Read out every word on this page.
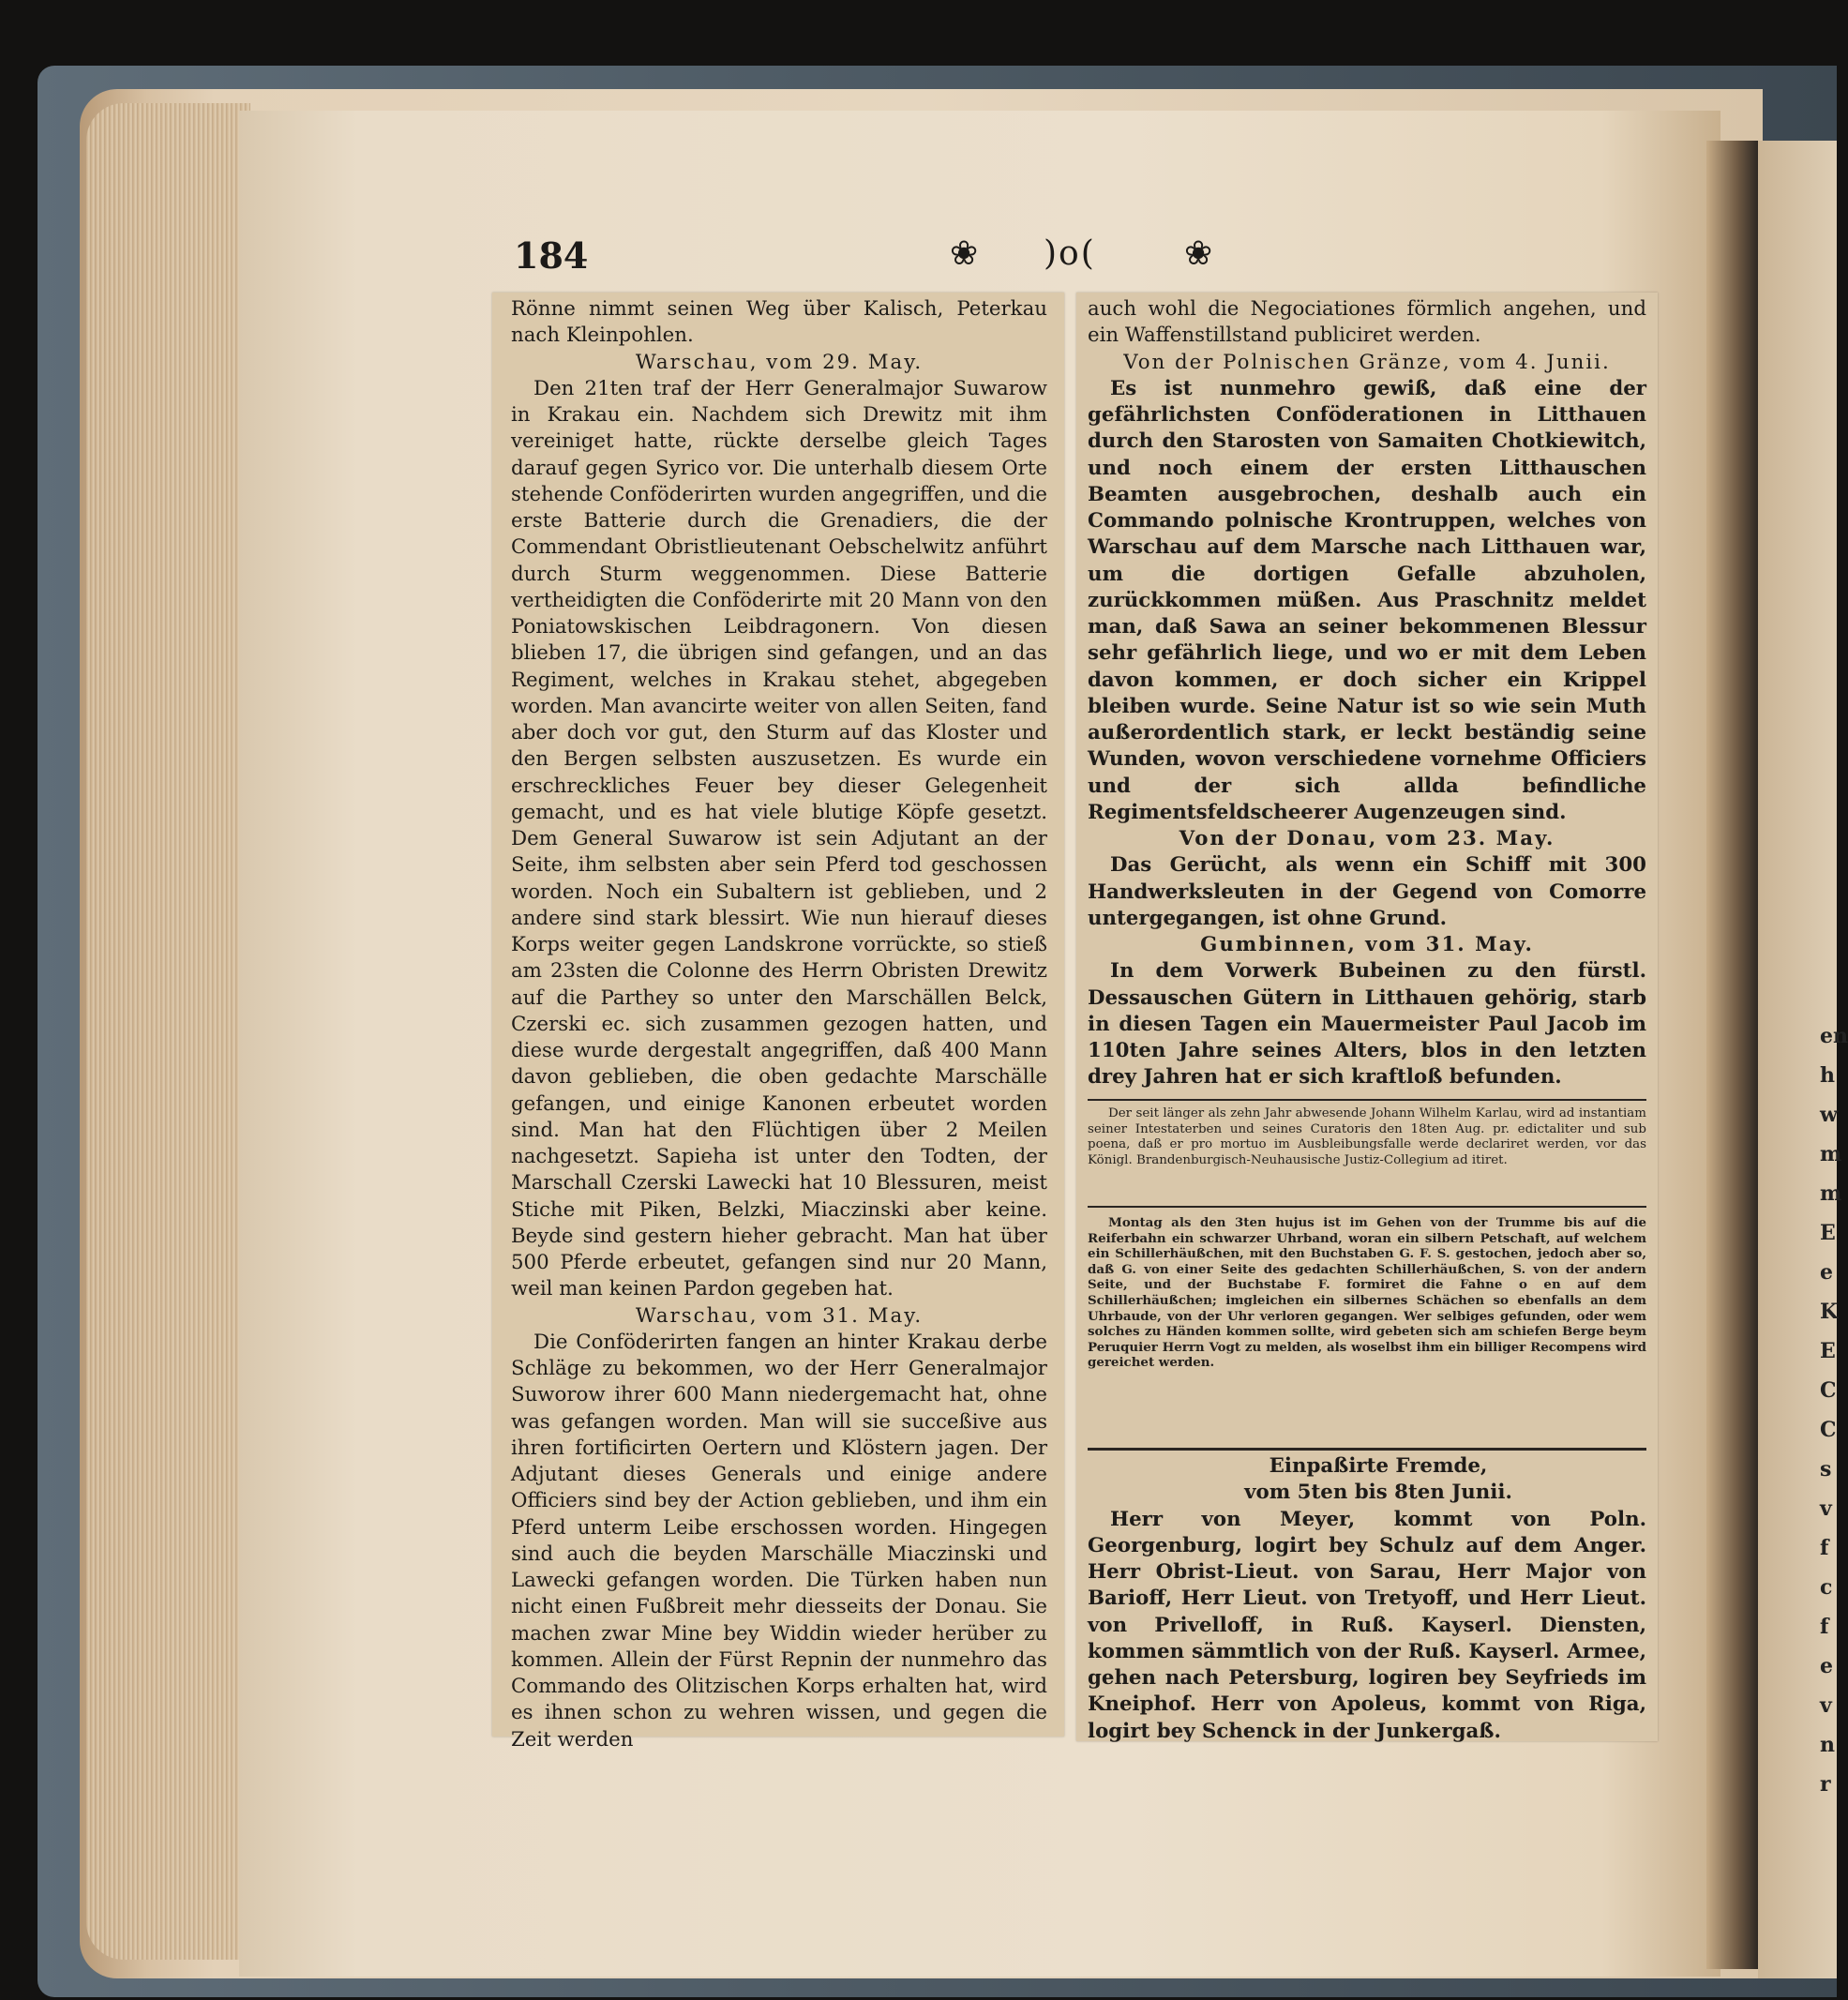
en
h
w
m
m
E
e
K
E
C
C
s
v
f
c
f
e
v
n
r
184	❀ )o(	❀

Rönne nimmt seinen Weg über Kalisch, Peterkau nach Kleinpohlen.

Warschau, vom 29. May.

Den 21ten traf der Herr Generalmajor Suwarow in Krakau ein. Nachdem sich Drewitz mit ihm vereiniget hatte, rückte derselbe gleich Tages darauf gegen Syrico vor. Die unterhalb diesem Orte stehende Conföderirten wurden angegriffen, und die erste Batterie durch die Grenadiers, die der Commendant Obristlieutenant Oebschelwitz anführt durch Sturm weggenommen. Diese Batterie vertheidigten die Conföderirte mit 20 Mann von den Poniatowskischen Leibdragonern. Von diesen blieben 17, die übrigen sind gefangen, und an das Regiment, welches in Krakau stehet, abgegeben worden. Man avancirte weiter von allen Seiten, fand aber doch vor gut, den Sturm auf das Kloster und den Bergen selbsten auszusetzen. Es wurde ein erschreckliches Feuer bey dieser Gelegenheit gemacht, und es hat viele blutige Köpfe gesetzt. Dem General Suwarow ist sein Adjutant an der Seite, ihm selbsten aber sein Pferd tod geschossen worden. Noch ein Subaltern ist geblieben, und 2 andere sind stark blessirt. Wie nun hierauf dieses Korps weiter gegen Landskrone vorrückte, so stieß am 23sten die Colonne des Herrn Obristen Drewitz auf die Parthey so unter den Marschällen Belck, Czerski ec. sich zusammen gezogen hatten, und diese wurde dergestalt angegriffen, daß 400 Mann davon geblieben, die oben gedachte Marschälle gefangen, und einige Kanonen erbeutet worden sind. Man hat den Flüchtigen über 2 Meilen nachgesetzt. Sapieha ist unter den Todten, der Marschall Czerski Lawecki hat 10 Blessuren, meist Stiche mit Piken, Belzki, Miaczinski aber keine. Beyde sind gestern hieher gebracht. Man hat über 500 Pferde erbeutet, gefangen sind nur 20 Mann, weil man keinen Pardon gegeben hat.

Warschau, vom 31. May.

Die Conföderirten fangen an hinter Krakau derbe Schläge zu bekommen, wo der Herr Generalmajor Suworow ihrer 600 Mann niedergemacht hat, ohne was gefangen worden. Man will sie succeßive aus ihren fortificirten Oertern und Klöstern jagen. Der Adjutant dieses Generals und einige andere Officiers sind bey der Action geblieben, und ihm ein Pferd unterm Leibe erschossen worden. Hingegen sind auch die beyden Marschälle Miaczinski und Lawecki gefangen worden. Die Türken haben nun nicht einen Fußbreit mehr diesseits der Donau. Sie machen zwar Mine bey Widdin wieder herüber zu kommen. Allein der Fürst Repnin der nunmehro das Commando des Olitzischen Korps erhalten hat, wird es ihnen schon zu wehren wissen, und gegen die Zeit werden

auch wohl die Negociationes förmlich angehen, und ein Waffenstillstand publiciret werden.

Von der Polnischen Gränze, vom 4. Junii.

Es ist nunmehro gewiß, daß eine der gefährlichsten Conföderationen in Litthauen durch den Starosten von Samaiten Chotkiewitch, und noch einem der ersten Litthauschen Beamten ausgebrochen, deshalb auch ein Commando polnische Krontruppen, welches von Warschau auf dem Marsche nach Litthauen war, um die dortigen Gefalle abzuholen, zurückkommen müßen. Aus Praschnitz meldet man, daß Sawa an seiner bekommenen Blessur sehr gefährlich liege, und wo er mit dem Leben davon kommen, er doch sicher ein Krippel bleiben wurde. Seine Natur ist so wie sein Muth außerordentlich stark, er leckt beständig seine Wunden, wovon verschiedene vornehme Officiers und der sich allda befindliche Regimentsfeldscheerer Augenzeugen sind.

Von der Donau, vom 23. May.

Das Gerücht, als wenn ein Schiff mit 300 Handwerksleuten in der Gegend von Comorre untergegangen, ist ohne Grund.

Gumbinnen, vom 31. May.

In dem Vorwerk Bubeinen zu den fürstl. Dessauschen Gütern in Litthauen gehörig, starb in diesen Tagen ein Mauermeister Paul Jacob im 110ten Jahre seines Alters, blos in den letzten drey Jahren hat er sich kraftloß befunden.

Der seit länger als zehn Jahr abwesende Johann Wilhelm Karlau, wird ad instantiam seiner Intestaterben und seines Curatoris den 18ten Aug. pr. edictaliter und sub poena, daß er pro mortuo im Ausbleibungsfalle werde declariret werden, vor das Königl. Brandenburgisch-Neuhausische Justiz-Collegium ad itiret.

Montag als den 3ten hujus ist im Gehen von der Trumme bis auf die Reiferbahn ein schwarzer Uhrband, woran ein silbern Petschaft, auf welchem ein Schillerhäußchen, mit den Buchstaben G. F. S. gestochen, jedoch aber so, daß G. von einer Seite des gedachten Schillerhäußchen, S. von der andern Seite, und der Buchstabe F. formiret die Fahne o en auf dem Schillerhäußchen; imgleichen ein silbernes Schächen so ebenfalls an dem Uhrbaude, von der Uhr verloren gegangen. Wer selbiges gefunden, oder wem solches zu Händen kommen sollte, wird gebeten sich am schiefen Berge beym Peruquier Herrn Vogt zu melden, als woselbst ihm ein billiger Recompens wird gereichet werden.

Einpaßirte Fremde,

vom 5ten bis 8ten Junii.

Herr von Meyer, kommt von Poln. Georgenburg, logirt bey Schulz auf dem Anger. Herr Obrist-Lieut. von Sarau, Herr Major von Barioff, Herr Lieut. von Tretyoff, und Herr Lieut. von Privelloff, in Ruß. Kayserl. Diensten, kommen sämmtlich von der Ruß. Kayserl. Armee, gehen nach Petersburg, logiren bey Seyfrieds im Kneiphof. Herr von Apoleus, kommt von Riga, logirt bey Schenck in der Junkergaß.
